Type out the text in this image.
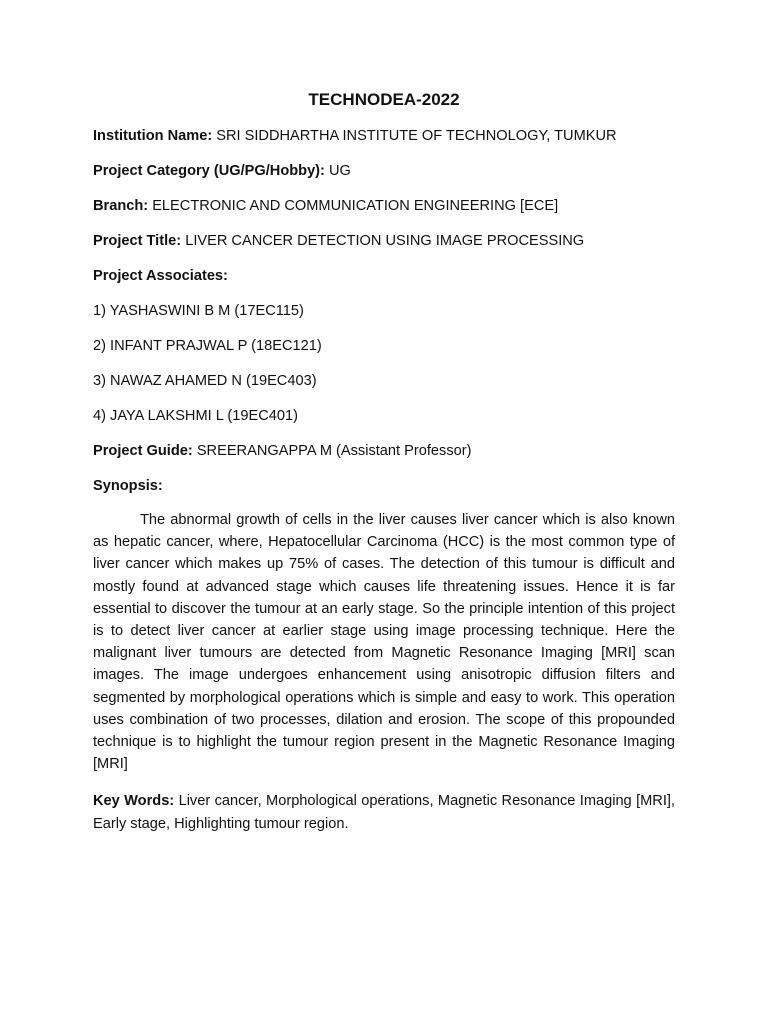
TECHNODEA-2022

Institution Name: SRI SIDDHARTHA INSTITUTE OF TECHNOLOGY, TUMKUR

Project Category (UG/PG/Hobby): UG

Branch: ELECTRONIC AND COMMUNICATION ENGINEERING [ECE]

Project Title: LIVER CANCER DETECTION USING IMAGE PROCESSING

Project Associates:

1) YASHASWINI B M (17EC115)

2) INFANT PRAJWAL P (18EC121)

3) NAWAZ AHAMED N (19EC403)

4) JAYA LAKSHMI L (19EC401)

Project Guide: SREERANGAPPA M (Assistant Professor)

Synopsis:

The abnormal growth of cells in the liver causes liver cancer which is also known as hepatic cancer, where, Hepatocellular Carcinoma (HCC) is the most common type of liver cancer which makes up 75% of cases. The detection of this tumour is difficult and mostly found at advanced stage which causes life threatening issues. Hence it is far essential to discover the tumour at an early stage. So the principle intention of this project is to detect liver cancer at earlier stage using image processing technique. Here the malignant liver tumours are detected from Magnetic Resonance Imaging [MRI] scan images. The image undergoes enhancement using anisotropic diffusion filters and segmented by morphological operations which is simple and easy to work. This operation uses combination of two processes, dilation and erosion. The scope of this propounded technique is to highlight the tumour region present in the Magnetic Resonance Imaging [MRI]

Key Words: Liver cancer, Morphological operations, Magnetic Resonance Imaging [MRI], Early stage, Highlighting tumour region.
